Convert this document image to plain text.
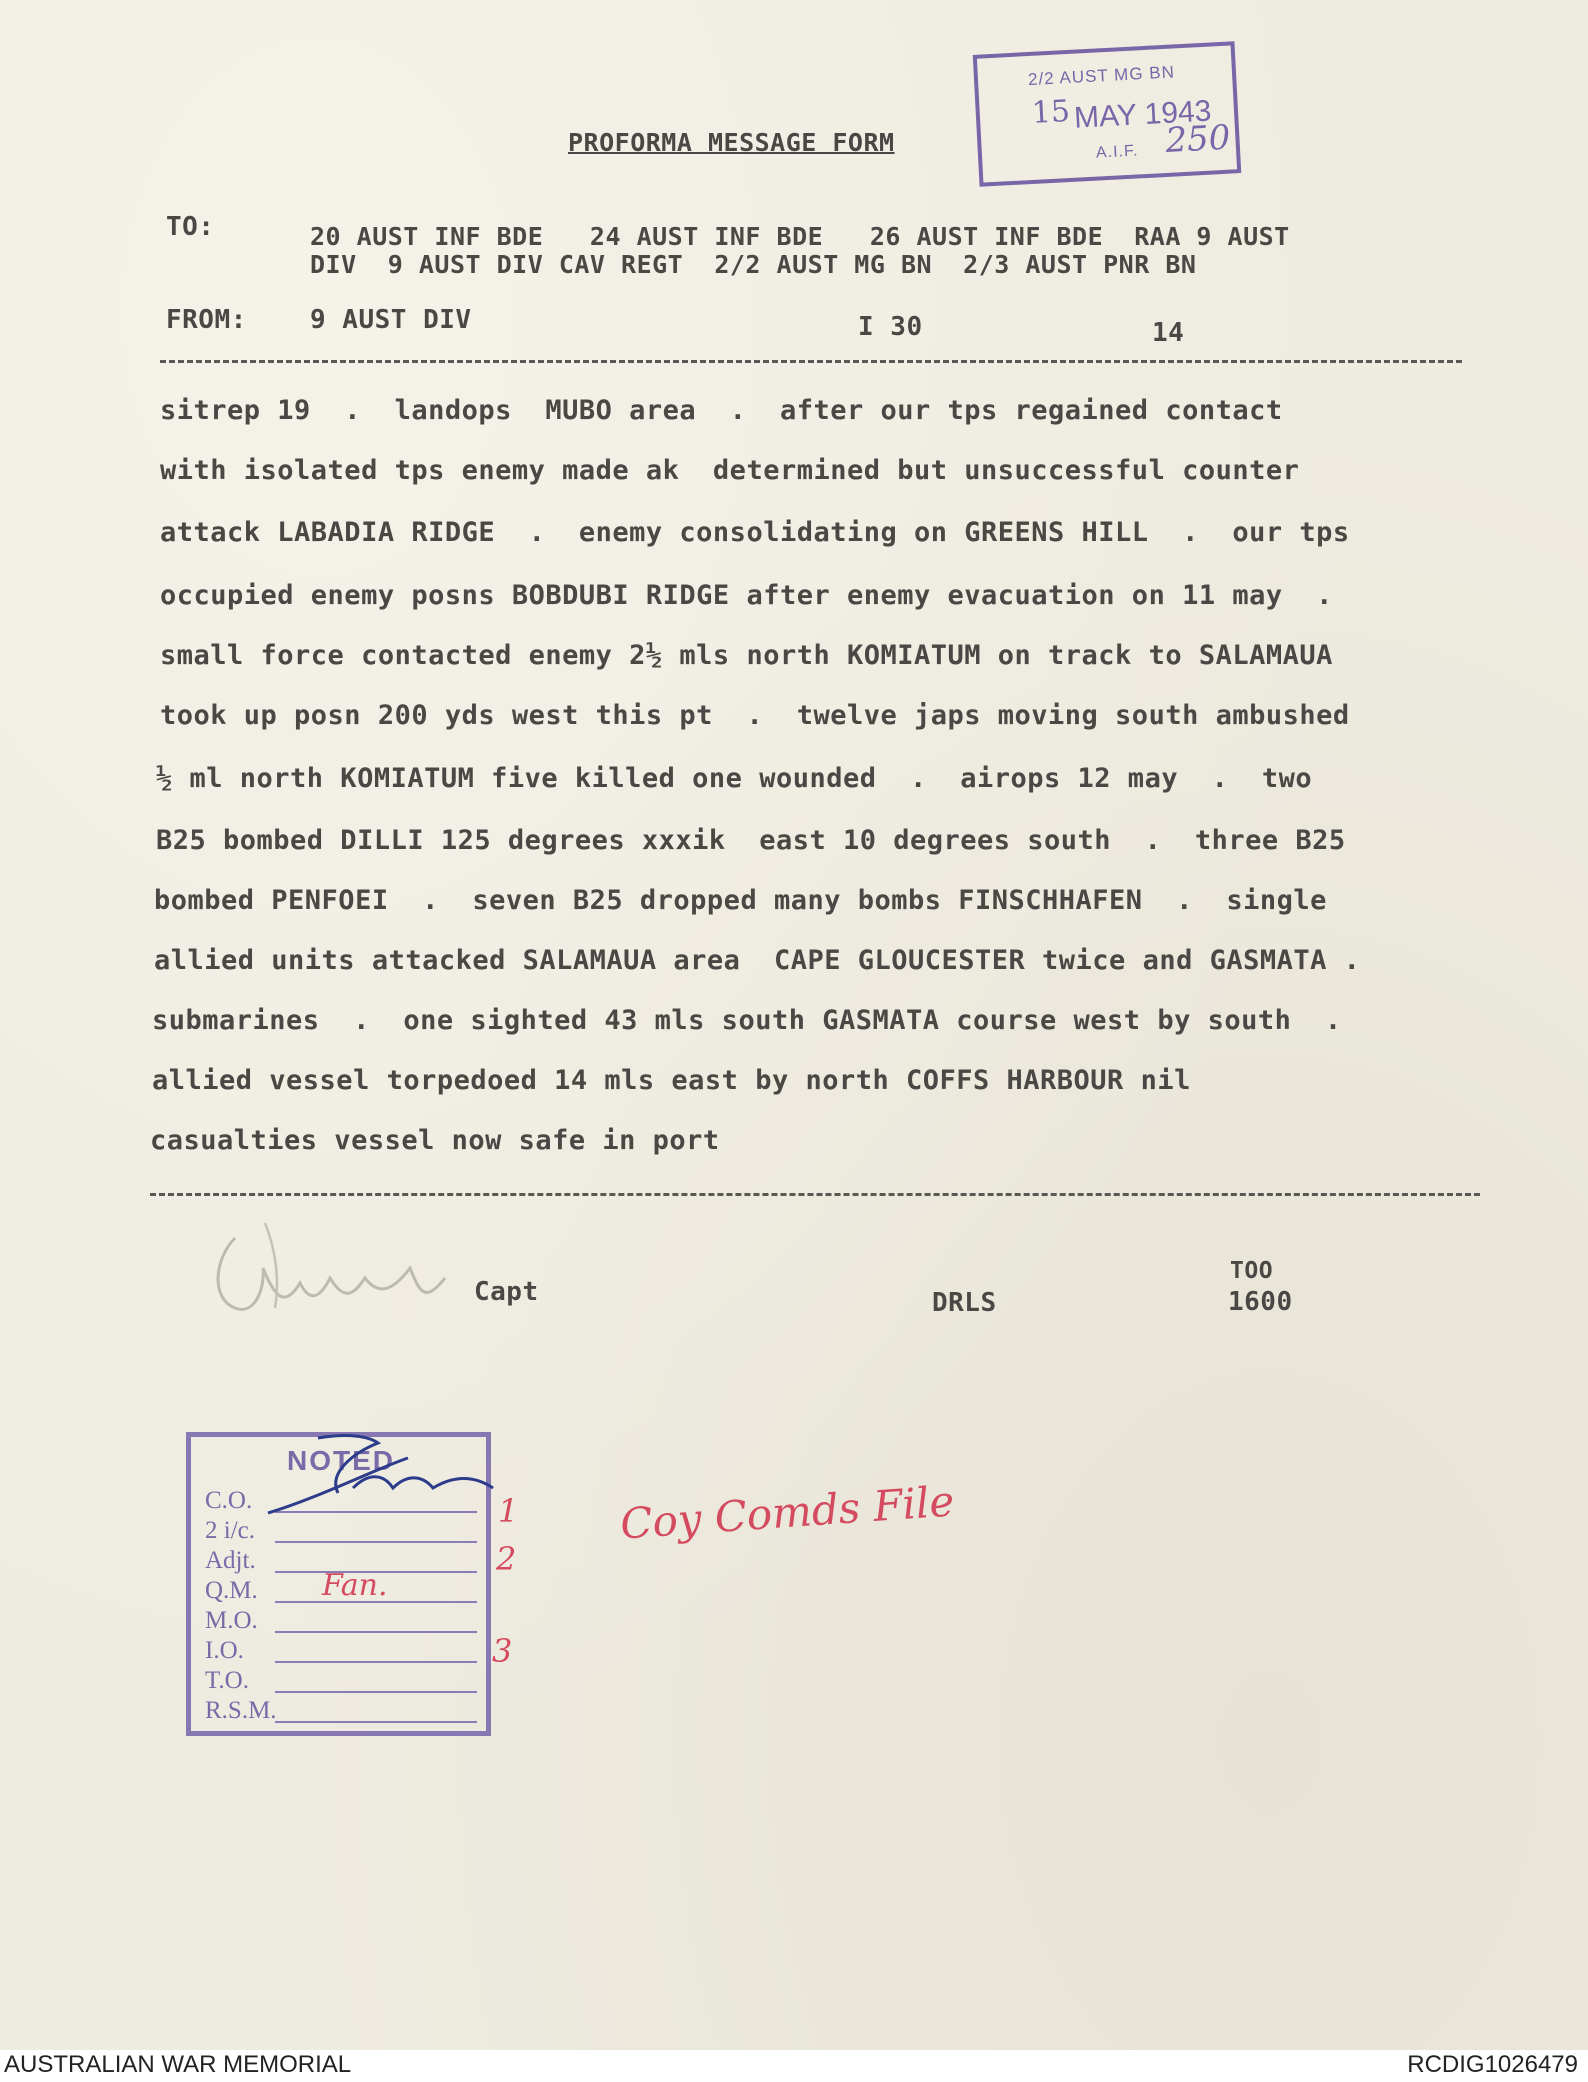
PROFORMA MESSAGE FORM
2/2 AUST MG BN
15 MAY 1943
A.I.F. 250
TO:	20 AUST INF BDE   24 AUST INF BDE   26 AUST INF BDE  RAA 9 AUST
DIV  9 AUST DIV CAV REGT  2/2 AUST MG BN  2/3 AUST PNR BN
FROM: 9 AUST DIV	I 30	14
sitrep 19  .  landops  MUBO area  .  after our tps regained contact
with isolated tps enemy made ak  determined but unsuccessful counter
attack LABADIA RIDGE  .  enemy consolidating on GREENS HILL  .  our tps
occupied enemy posns BOBDUBI RIDGE after enemy evacuation on 11 may  .
small force contacted enemy 2½ mls north KOMIATUM on track to SALAMAUA
took up posn 200 yds west this pt  .  twelve japs moving south ambushed
½ ml north KOMIATUM five killed one wounded  .  airops 12 may  .  two
B25 bombed DILLI 125 degrees xxxik  east 10 degrees south  .  three B25
bombed PENFOEI  .  seven B25 dropped many bombs FINSCHHAFEN  .  single
allied units attacked SALAMAUA area  CAPE GLOUCESTER twice and GASMATA .
submarines  .  one sighted 43 mls south GASMATA course west by south  .
allied vessel torpedoed 14 mls east by north COFFS HARBOUR nil
casualties vessel now safe in port
Capt	DRLS
TOO
1600
NOTED
C.O.
2 i/c.
Adjt.
Q.M.
M.O.
I.O.
T.O.
R.S.M.
Fan.
1
2
3
Coy Comds File
AUSTRALIAN WAR MEMORIAL	RCDIG1026479
